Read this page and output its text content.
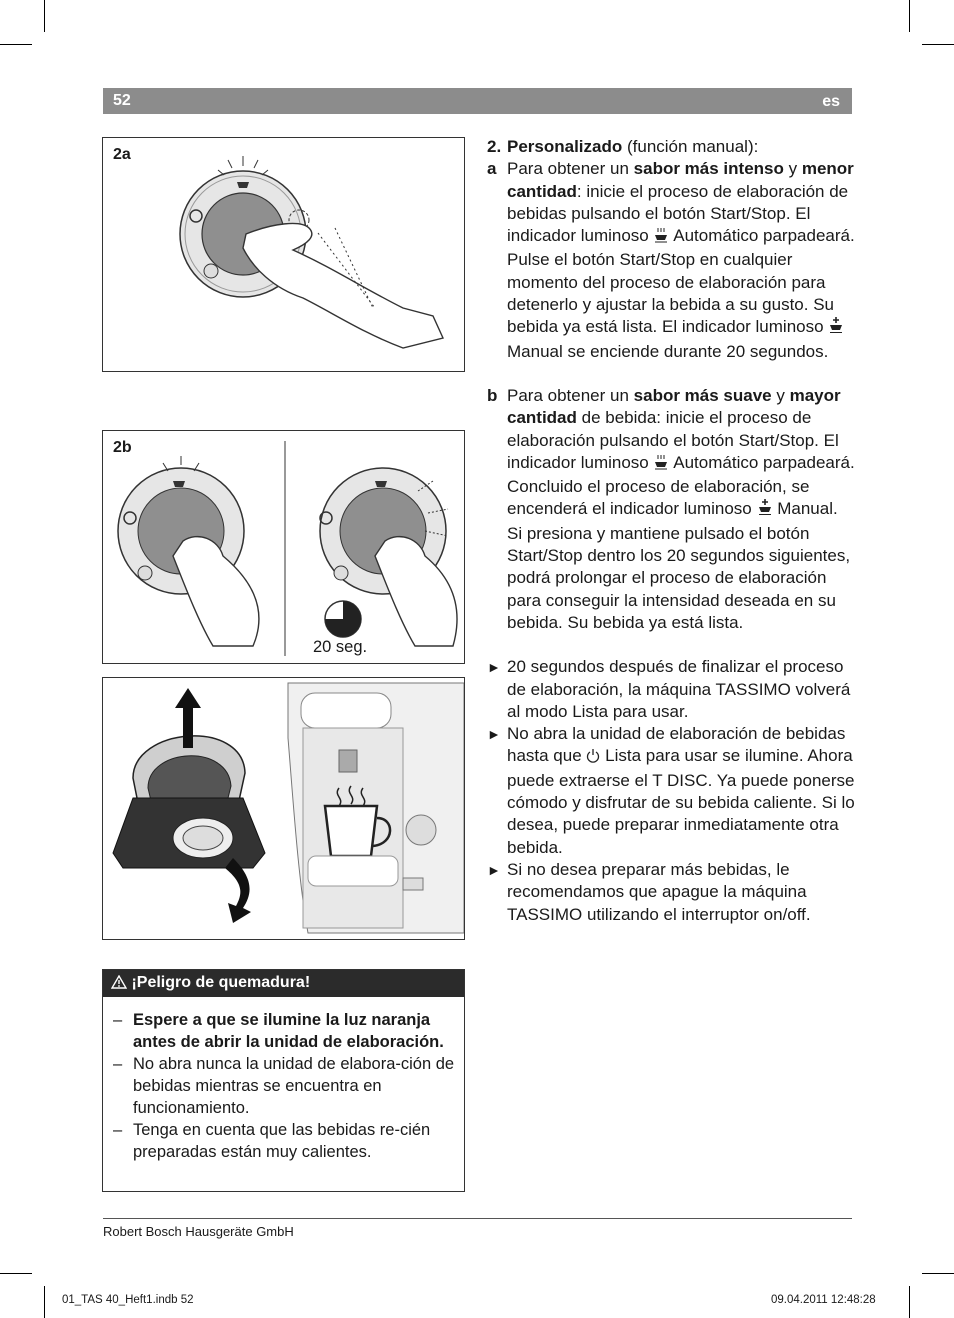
52	es
2a
2b
20 seg.
¡Peligro de quemadura!
– Espere a que se ilumine la luz naranja antes de abrir la unidad de elaboración.
– No abra nunca la unidad de elabora-ción de bebidas mientras se encuentra en funcionamiento.
– Tenga en cuenta que las bebidas re-cién preparadas están muy calientes.

2. Personalizado (función manual):

a Para obtener un sabor más intenso y menor cantidad: inicie el proceso de elaboración de bebidas pulsando el botón Start/Stop. El indicador luminoso  Automático parpadeará. Pulse el botón Start/Stop en cualquier momento del proceso de elaboración para detenerlo y ajustar la bebida a su gusto. Su bebida ya está lista. El indicador luminoso  Manual se enciende durante 20 segundos.

b Para obtener un sabor más suave y mayor cantidad de bebida: inicie el proceso de elaboración pulsando el botón Start/Stop. El indicador luminoso  Automático parpadeará. Concluido el proceso de elaboración, se encenderá el indicador luminoso  Manual. Si presiona y mantiene pulsado el botón Start/Stop dentro los 20 segundos siguientes, podrá prolongar el proceso de elaboración para conseguir la intensidad deseada en su bebida. Su bebida ya está lista.

► 20 segundos después de finalizar el proceso de elaboración, la máquina TASSIMO volverá al modo Lista para usar.

► No abra la unidad de elaboración de bebidas hasta que  Lista para usar se ilumine. Ahora puede extraerse el T DISC. Ya puede ponerse cómodo y disfrutar de su bebida caliente. Si lo desea, puede preparar inmediatamente otra bebida.

► Si no desea preparar más bebidas, le recomendamos que apague la máquina TASSIMO utilizando el interruptor on/off.

Robert Bosch Hausgeräte GmbH
01_TAS 40_Heft1.indb 52	09.04.2011 12:48:28
